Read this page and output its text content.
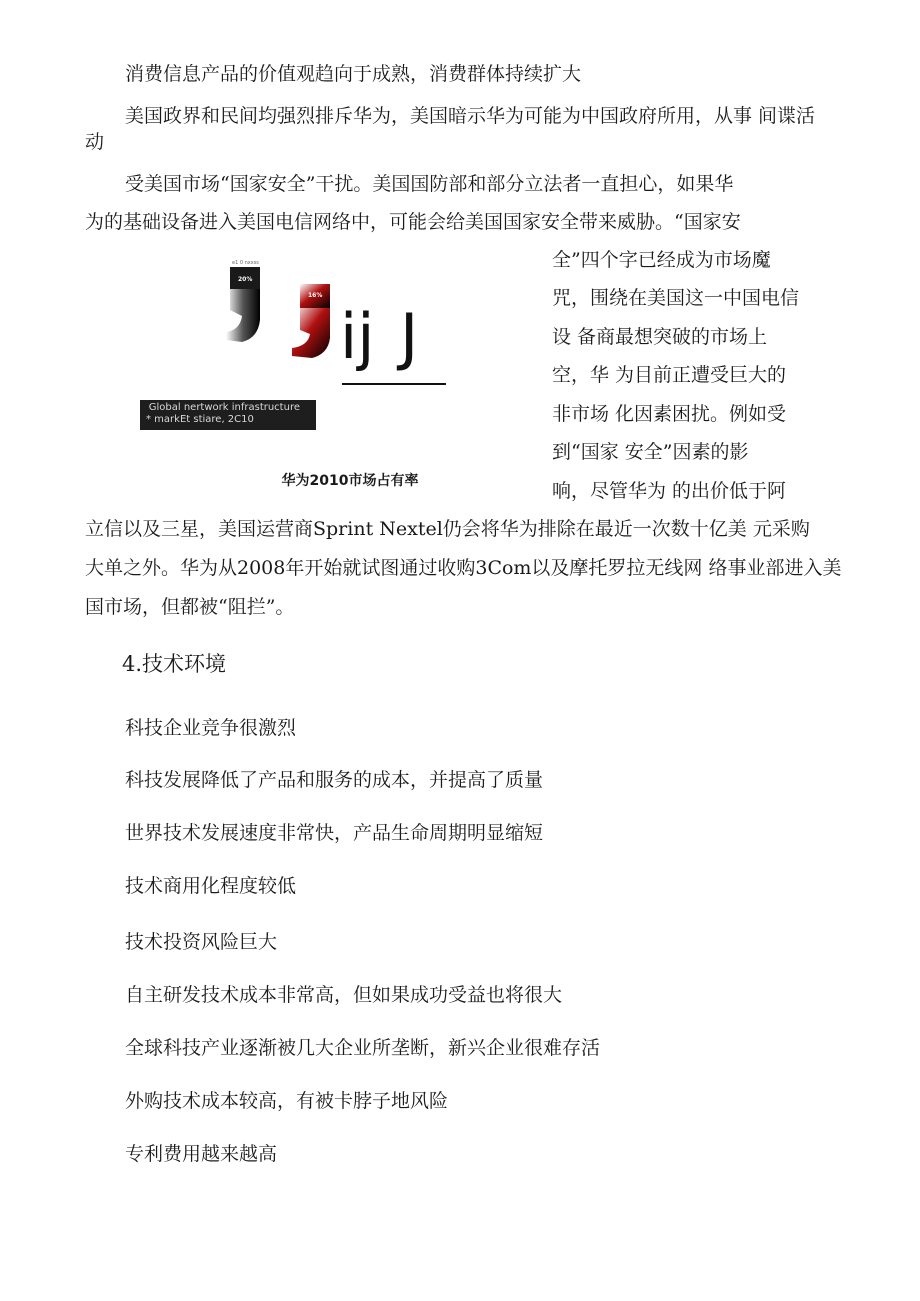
消费信息产品的价值观趋向于成熟，消费群体持续扩大
美国政界和民间均强烈排斥华为，美国暗示华为可能为中国政府所用，从事 间谍活
动
受美国市场“国家安全”干扰。美国国防部和部分立法者一直担心，如果华
为的基础设备进入美国电信网络中，可能会给美国国家安全带来威胁。“国家安
全”四个字已经成为市场魔
咒，围绕在美国这一中国电信
设 备商最想突破的市场上
空，华 为目前正遭受巨大的
非市场 化因素困扰。例如受
到“国家 安全”因素的影
响，尽管华为 的出价低于阿
e1 0 nxxss
20%
16%
ij J
Global nertwork infrastructure
* markEt stiare, 2C10
华为2010市场占有率
立信以及三星，美国运营商Sprint Nextel仍会将华为排除在最近一次数十亿美 元采购
大单之外。华为从2008年开始就试图通过收购3Com以及摩托罗拉无线网 络事业部进入美
国市场，但都被“阻拦”。
4.技术环境
科技企业竞争很激烈
科技发展降低了产品和服务的成本，并提高了质量
世界技术发展速度非常快，产品生命周期明显缩短
技术商用化程度较低
技术投资风险巨大
自主研发技术成本非常高，但如果成功受益也将很大
全球科技产业逐渐被几大企业所垄断，新兴企业很难存活
外购技术成本较高，有被卡脖子地风险
专利费用越来越高
